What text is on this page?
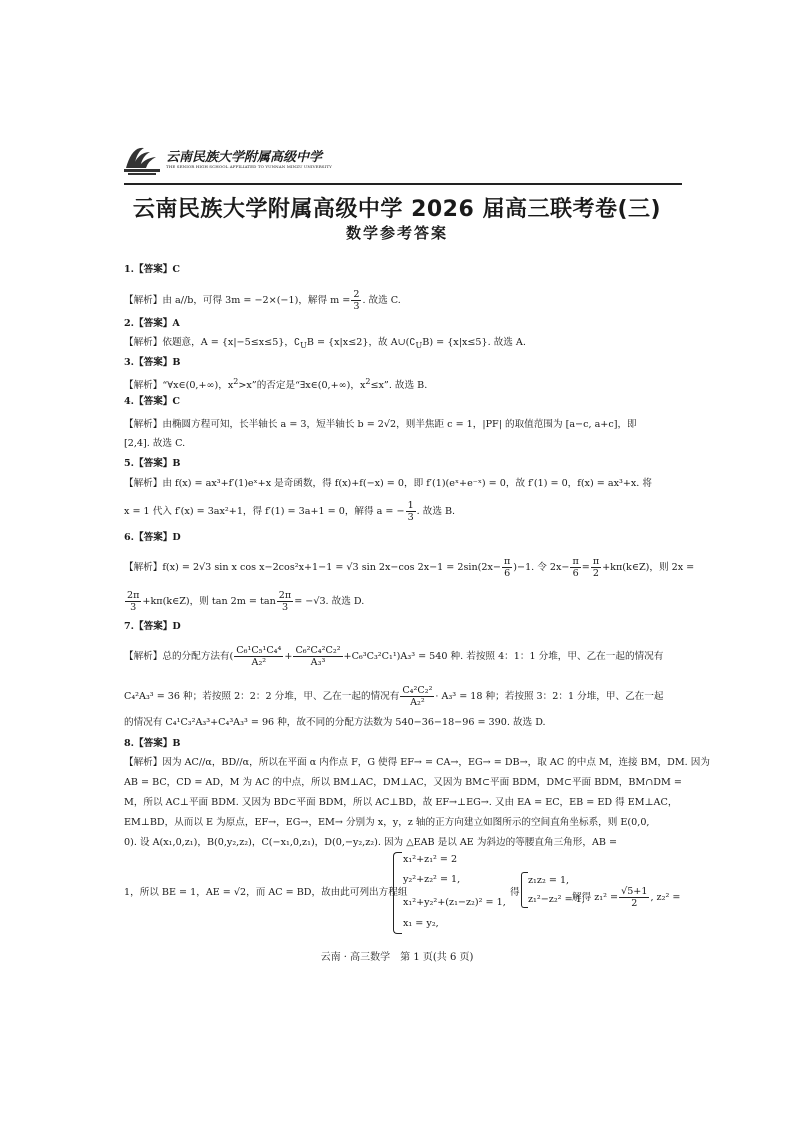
云南民族大学附属高级中学
THE SENIOR HIGH SCHOOL AFFILIATED TO YUNNAN MINZU UNIVERSITY
云南民族大学附属高级中学 2026 届高三联考卷(三)
数学参考答案
1.【答案】C
【解析】由 a//b，可得 3m = −2×(−1)，解得 $m = \frac{2}{3}$ . 故选 C.
2.【答案】A
【解析】依题意，A = {x|−5≤x≤5}，$∁_UB = \{x|x\le 2\}$，故 $A\cup(∁_UB) = \{x|x\le 5\}$. 故选 A.
3.【答案】B
【解析】“∀x∈(0,+∞)，$x^2>x$”的否定是“∃x∈(0,+∞)，$x^2\le x$”. 故选 B.
4.【答案】C
【解析】由椭圆方程可知，长半轴长 a = 3，短半轴长 b = 2√2，则半焦距 c = 1，|PF| 的取值范围为 [a−c, a+c]，即
[2,4]. 故选 C.
5.【答案】B
【解析】由 f(x) = ax³+f′(1)eˣ+x 是奇函数，得 f(x)+f(−x) = 0，即 f′(1)(eˣ+e⁻ˣ) = 0，故 f′(1) = 0，f(x) = ax³+x. 将
x = 1 代入 f′(x) = 3ax²+1，得 f′(1) = 3a+1 = 0，解得 a = − $\frac{1}{3}$ . 故选 B.
6.【答案】D
【解析】f(x) = 2√3 sin x cos x−2cos²x+1−1 = √3 sin 2x−cos $2x-1 = 2\sin(2x- \frac{\pi}{6} )-1$. 令 $2x- \frac{\pi}{6} = \frac{\pi}{2}$ +kπ(k∈Z)，则 2x =
$\frac{2\pi}{3}$ +kπ(k∈Z)，则 $\tan 2m = \tan \frac{2\pi}{3} = -√3$. 故选 D.
7.【答案】D
【解析】总的分配方法有( $\frac{\text{C₆¹C₅¹C₄⁴}}{\text{A₂²}} + \frac{\text{C₆²C₄²C₂²}}{\text{A₃³}} +C_6^3C_3^2C_1^1)A_3^3 = 540$ 种. 若按照 4：1：1 分堆，甲、乙在一起的情况有
C₄²A₃³ = 36 种；若按照 2：2：2 分堆，甲、乙在一起的情况有 $\frac{\text{C₄²C₂²}}{\text{A₂²}} \cdot A_3^3 = 18$ 种；若按照 3：2：1 分堆，甲、乙在一起
的情况有 C₄¹C₃²A₃³+C₄³A₃³ = 96 种，故不同的分配方法数为 540−36−18−96 = 390. 故选 D.
8.【答案】B
【解析】因为 AC//α，BD//α，所以在平面 α 内作点 F，G 使得 EF→ = CA→，EG→ = DB→，取 AC 的中点 M，连接 BM，DM. 因为
AB = BC，CD = AD，M 为 AC 的中点，所以 BM⊥AC，DM⊥AC，又因为 BM⊂平面 BDM，DM⊂平面 BDM，BM∩DM =
M，所以 AC⊥平面 BDM. 又因为 BD⊂平面 BDM，所以 AC⊥BD，故 EF→⊥EG→. 又由 EA = EC，EB = ED 得 EM⊥AC，
EM⊥BD，从而以 E 为原点，EF→，EG→，EM→ 分别为 x，y，z 轴的正方向建立如图所示的空间直角坐标系，则 E(0,0,
0). 设 A(x₁,0,z₁)，B(0,y₂,z₂)，C(−x₁,0,z₁)，D(0,−y₂,z₂). 因为 △EAB 是以 AE 为斜边的等腰直角三角形，AB =
1，所以 BE = 1，AE = √2，而 AC = BD，故由此可列出方程组
x₁²+z₁² = 2
y₂²+z₂² = 1,
x₁²+y₂²+(z₁−z₂)² = 1,
x₁ = y₂,
得
z₁z₂ = 1,
z₁²−z₂² = 1,
解得 $z_1^2 = \frac{√5+1}{2}$ , z₂² =
云南 · 高三数学　第 1 页(共 6 页)
